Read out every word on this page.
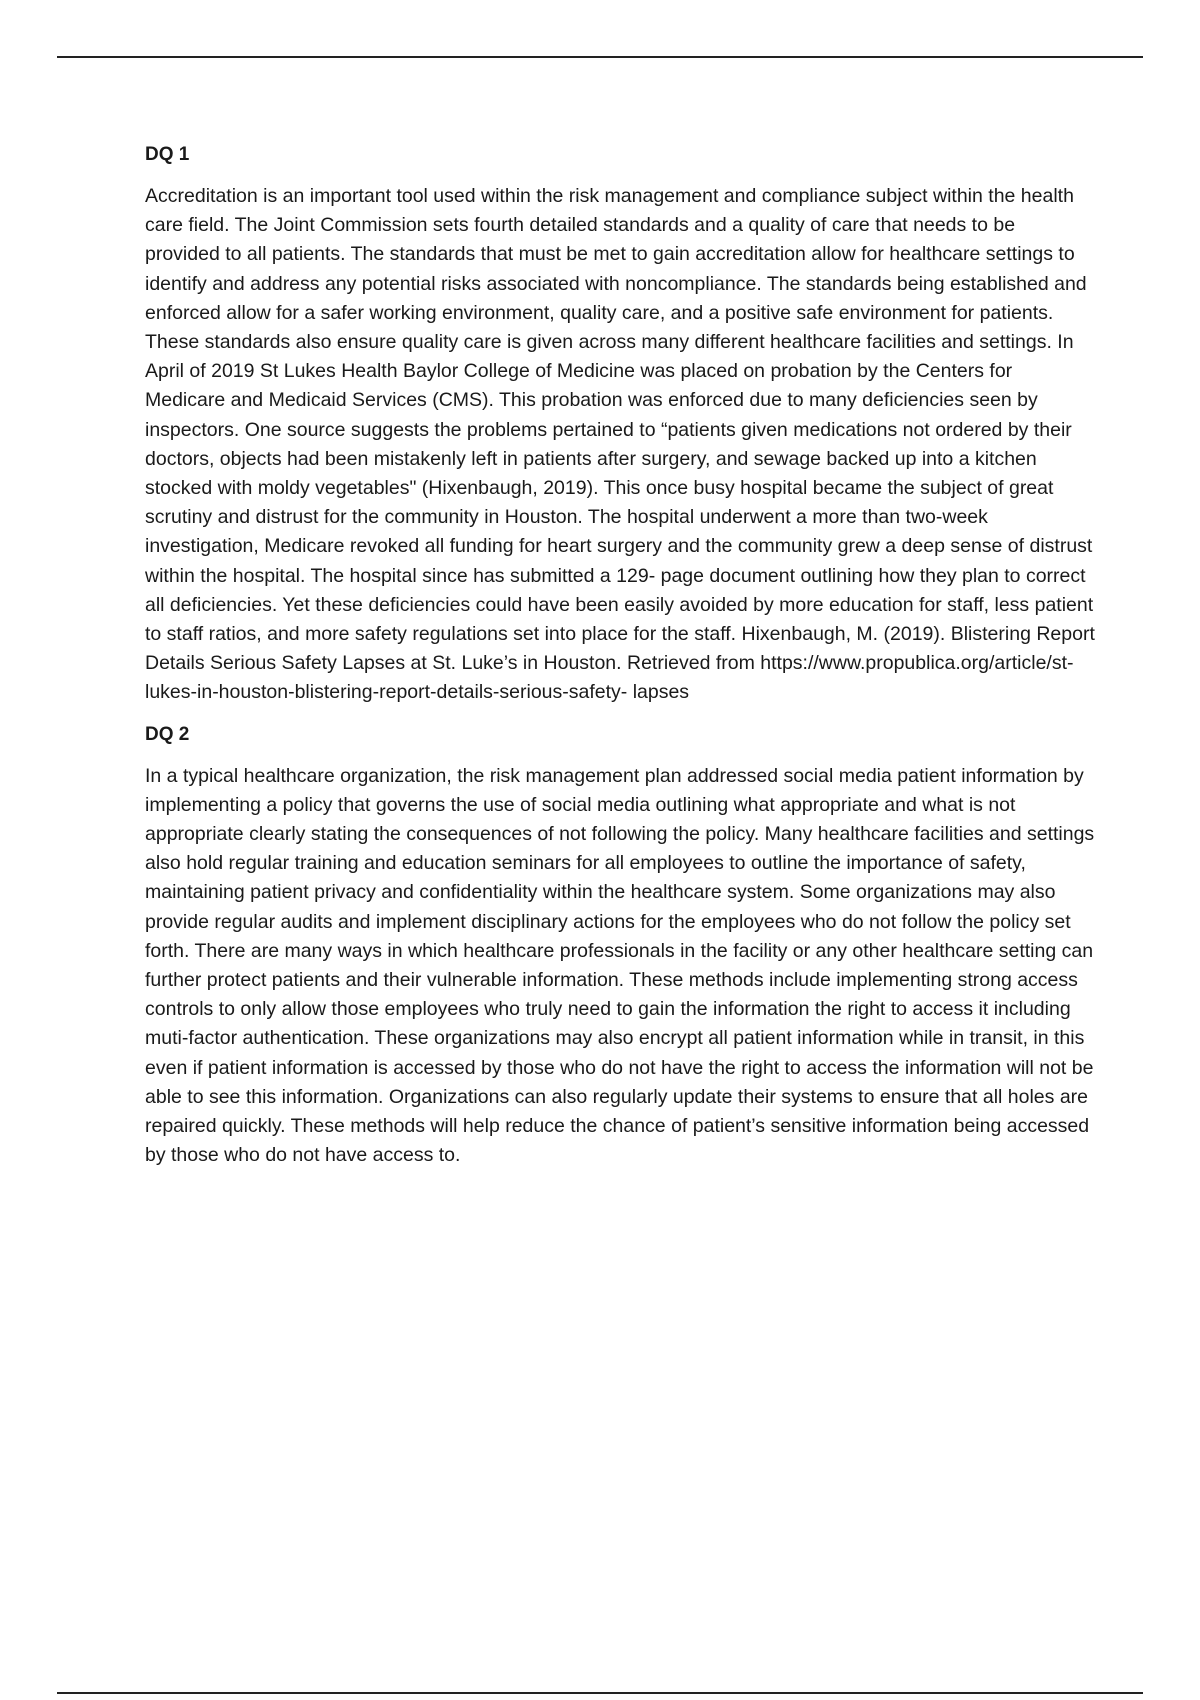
DQ 1

Accreditation is an important tool used within the risk management and compliance subject within the health care field. The Joint Commission sets fourth detailed standards and a quality of care that needs to be provided to all patients. The standards that must be met to gain accreditation allow for healthcare settings to identify and address any potential risks associated with noncompliance. The standards being established and enforced allow for a safer working environment, quality care, and a positive safe environment for patients. These standards also ensure quality care is given across many different healthcare facilities and settings. In April of 2019 St Lukes Health Baylor College of Medicine was placed on probation by the Centers for Medicare and Medicaid Services (CMS). This probation was enforced due to many deficiencies seen by inspectors. One source suggests the problems pertained to “patients given medications not ordered by their doctors, objects had been mistakenly left in patients after surgery, and sewage backed up into a kitchen stocked with moldy vegetables" (Hixenbaugh, 2019). This once busy hospital became the subject of great scrutiny and distrust for the community in Houston. The hospital underwent a more than two-week investigation, Medicare revoked all funding for heart surgery and the community grew a deep sense of distrust within the hospital. The hospital since has submitted a 129- page document outlining how they plan to correct all deficiencies. Yet these deficiencies could have been easily avoided by more education for staff, less patient to staff ratios, and more safety regulations set into place for the staff. Hixenbaugh, M. (2019). Blistering Report Details Serious Safety Lapses at St. Luke’s in Houston. Retrieved from https://www.propublica.org/article/st-lukes-in-houston-blistering-report-details-serious-safety- lapses

DQ 2

In a typical healthcare organization, the risk management plan addressed social media patient information by implementing a policy that governs the use of social media outlining what appropriate and what is not appropriate clearly stating the consequences of not following the policy. Many healthcare facilities and settings also hold regular training and education seminars for all employees to outline the importance of safety, maintaining patient privacy and confidentiality within the healthcare system. Some organizations may also provide regular audits and implement disciplinary actions for the employees who do not follow the policy set forth. There are many ways in which healthcare professionals in the facility or any other healthcare setting can further protect patients and their vulnerable information. These methods include implementing strong access controls to only allow those employees who truly need to gain the information the right to access it including muti-factor authentication. These organizations may also encrypt all patient information while in transit, in this even if patient information is accessed by those who do not have the right to access the information will not be able to see this information. Organizations can also regularly update their systems to ensure that all holes are repaired quickly. These methods will help reduce the chance of patient’s sensitive information being accessed by those who do not have access to.
